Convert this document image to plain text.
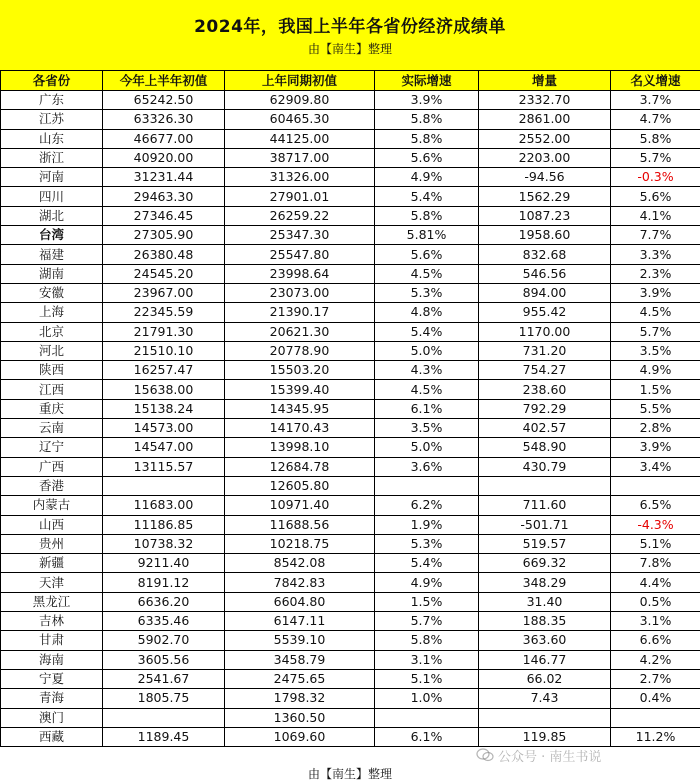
2024年，我国上半年各省份经济成绩单
由【南生】整理
各省份	今年上半年初值	上年同期初值	实际增速	增量	名义增速
广东	65242.50	62909.80	3.9%	2332.70	3.7%
江苏	63326.30	60465.30	5.8%	2861.00	4.7%
山东	46677.00	44125.00	5.8%	2552.00	5.8%
浙江	40920.00	38717.00	5.6%	2203.00	5.7%
河南	31231.44	31326.00	4.9%	-94.56	-0.3%
四川	29463.30	27901.01	5.4%	1562.29	5.6%
湖北	27346.45	26259.22	5.8%	1087.23	4.1%
台湾	27305.90	25347.30	5.81%	1958.60	7.7%
福建	26380.48	25547.80	5.6%	832.68	3.3%
湖南	24545.20	23998.64	4.5%	546.56	2.3%
安徽	23967.00	23073.00	5.3%	894.00	3.9%
上海	22345.59	21390.17	4.8%	955.42	4.5%
北京	21791.30	20621.30	5.4%	1170.00	5.7%
河北	21510.10	20778.90	5.0%	731.20	3.5%
陕西	16257.47	15503.20	4.3%	754.27	4.9%
江西	15638.00	15399.40	4.5%	238.60	1.5%
重庆	15138.24	14345.95	6.1%	792.29	5.5%
云南	14573.00	14170.43	3.5%	402.57	2.8%
辽宁	14547.00	13998.10	5.0%	548.90	3.9%
广西	13115.57	12684.78	3.6%	430.79	3.4%
香港		12605.80			
内蒙古	11683.00	10971.40	6.2%	711.60	6.5%
山西	11186.85	11688.56	1.9%	-501.71	-4.3%
贵州	10738.32	10218.75	5.3%	519.57	5.1%
新疆	9211.40	8542.08	5.4%	669.32	7.8%
天津	8191.12	7842.83	4.9%	348.29	4.4%
黑龙江	6636.20	6604.80	1.5%	31.40	0.5%
吉林	6335.46	6147.11	5.7%	188.35	3.1%
甘肃	5902.70	5539.10	5.8%	363.60	6.6%
海南	3605.56	3458.79	3.1%	146.77	4.2%
宁夏	2541.67	2475.65	5.1%	66.02	2.7%
青海	1805.75	1798.32	1.0%	7.43	0.4%
澳门		1360.50			
西藏	1189.45	1069.60	6.1%	119.85	11.2%
公众号 · 南生书说
由【南生】整理
